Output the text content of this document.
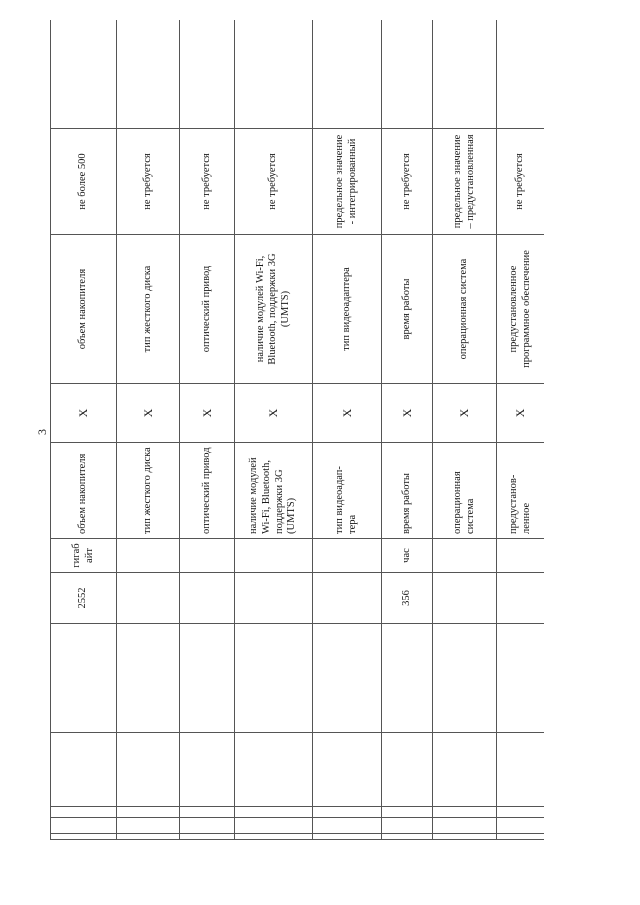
3
					2552	гигабайт	объем накопителя	X	объем накопителя	не более 500	
							тип жесткого диска	X	тип жесткого диска	не требуется	
							оптический привод	X	оптический привод	не требуется	
							наличие модулей Wi-Fi, Bluetooth, поддержки 3G (UMTS)	X	наличие модулей Wi-Fi, Bluetooth, поддержки 3G (UMTS)	не требуется	
							тип видеоадап-тера	X	тип видеоадаптера	предельное значение - интегрированный	
					356	час	время работы	X	время работы	не требуется	
							операционная система	X	операционная система	предельное значение – предустановленная	
							предустанов-ленное	X	предустановленное программное обеспечение	не требуется	
